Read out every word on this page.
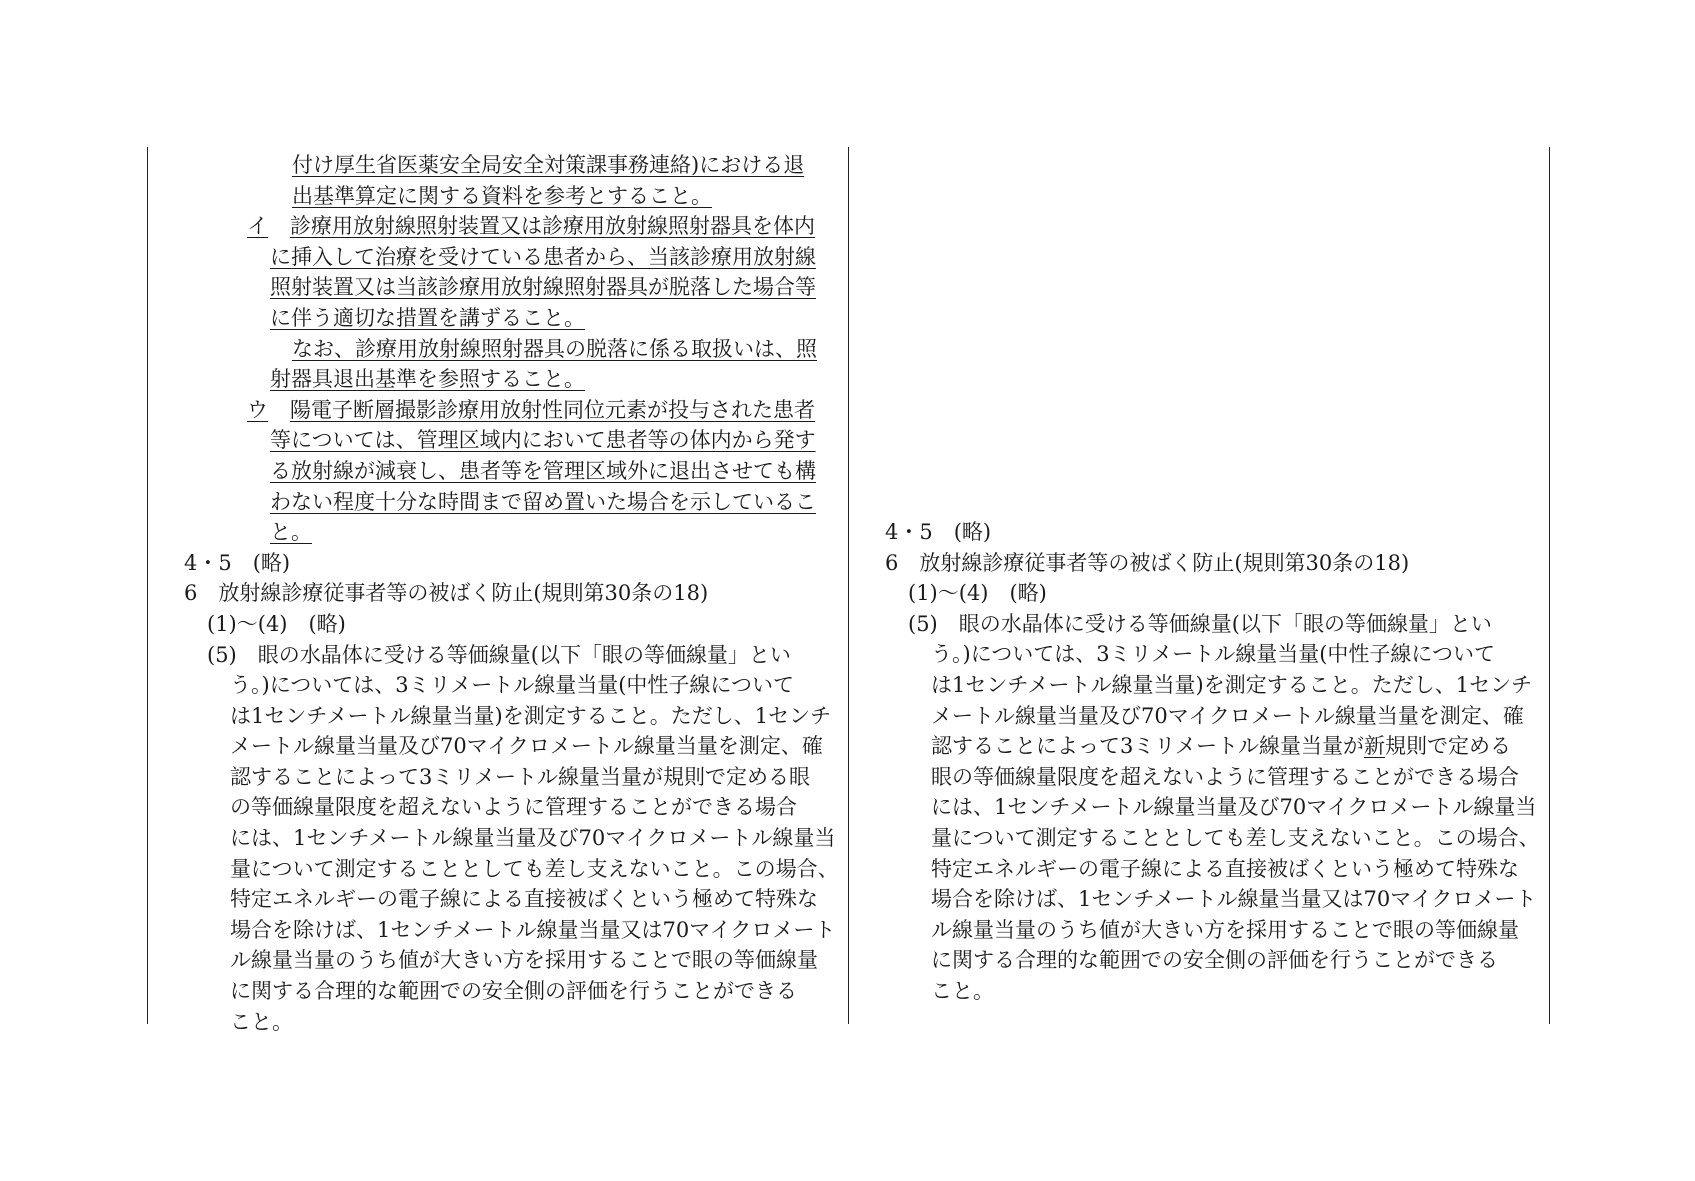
付け厚生省医薬安全局安全対策課事務連絡)における退

出基準算定に関する資料を参考とすること。

イ 診療用放射線照射装置又は診療用放射線照射器具を体内

に挿入して治療を受けている患者から、当該診療用放射線

照射装置又は当該診療用放射線照射器具が脱落した場合等

に伴う適切な措置を講ずること。

なお、診療用放射線照射器具の脱落に係る取扱いは、照

射器具退出基準を参照すること。

ウ 陽電子断層撮影診療用放射性同位元素が投与された患者

等については、管理区域内において患者等の体内から発す

る放射線が減衰し、患者等を管理区域外に退出させても構

わない程度十分な時間まで留め置いた場合を示しているこ

と。

4・5　(略)

6　放射線診療従事者等の被ばく防止(規則第30条の18)

(1)～(4)　(略)

(5)　眼の水晶体に受ける等価線量(以下「眼の等価線量」とい

う。)については、3ミリメートル線量当量(中性子線について

は1センチメートル線量当量)を測定すること。ただし、1センチ

メートル線量当量及び70マイクロメートル線量当量を測定、確

認することによって3ミリメートル線量当量が規則で定める眼

の等価線量限度を超えないように管理することができる場合

には、1センチメートル線量当量及び70マイクロメートル線量当

量について測定することとしても差し支えないこと。この場合、

特定エネルギーの電子線による直接被ばくという極めて特殊な

場合を除けば、1センチメートル線量当量又は70マイクロメート

ル線量当量のうち値が大きい方を採用することで眼の等価線量

に関する合理的な範囲での安全側の評価を行うことができる

こと。

4・5　(略)

6　放射線診療従事者等の被ばく防止(規則第30条の18)

(1)～(4)　(略)

(5)　眼の水晶体に受ける等価線量(以下「眼の等価線量」とい

う。)については、3ミリメートル線量当量(中性子線について

は1センチメートル線量当量)を測定すること。ただし、1センチ

メートル線量当量及び70マイクロメートル線量当量を測定、確

認することによって3ミリメートル線量当量が新規則で定める

眼の等価線量限度を超えないように管理することができる場合

には、1センチメートル線量当量及び70マイクロメートル線量当

量について測定することとしても差し支えないこと。この場合、

特定エネルギーの電子線による直接被ばくという極めて特殊な

場合を除けば、1センチメートル線量当量又は70マイクロメート

ル線量当量のうち値が大きい方を採用することで眼の等価線量

に関する合理的な範囲での安全側の評価を行うことができる

こと。
